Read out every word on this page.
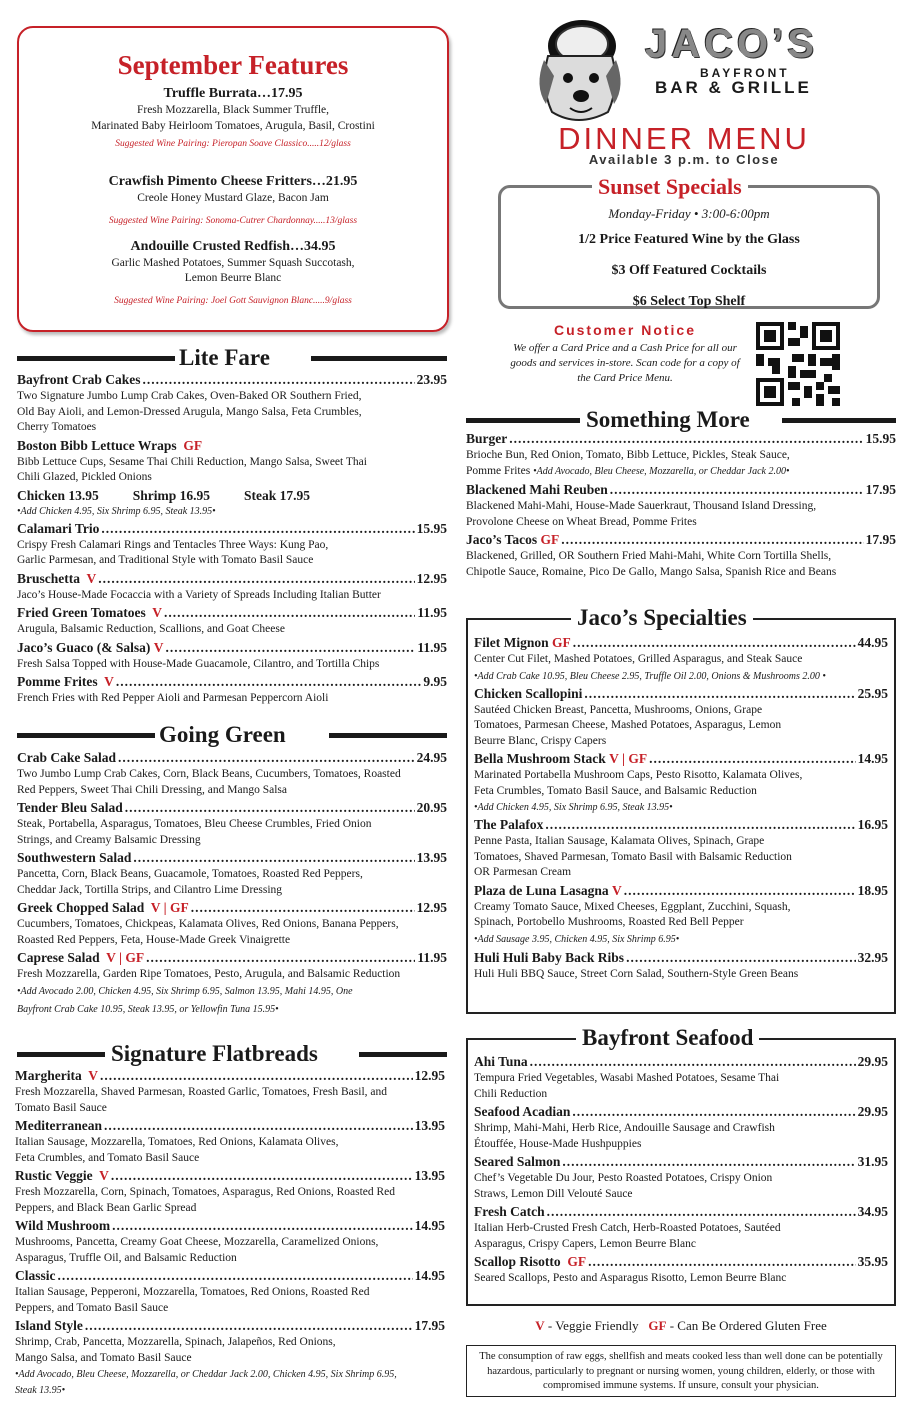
September Features

Truffle Burrata…17.95

Fresh Mozzarella, Black Summer Truffle,

Marinated Baby Heirloom Tomatoes, Arugula, Basil, Crostini

Suggested Wine Pairing: Pieropan Soave Classico.....12/glass

Crawfish Pimento Cheese Fritters…21.95

Creole Honey Mustard Glaze, Bacon Jam

Suggested Wine Pairing: Sonoma-Cutrer Chardonnay.....13/glass

Andouille Crusted Redfish…34.95

Garlic Mashed Potatoes, Summer Squash Succotash,

Lemon Beurre Blanc

Suggested Wine Pairing: Joel Gott Sauvignon Blanc.....9/glass

JACO’S
BAYFRONT
BAR & GRILLE
DINNER MENU
Available 3 p.m. to Close

Monday-Friday • 3:00-6:00pm

1/2 Price Featured Wine by the Glass

$3 Off Featured Cocktails

$6 Select Top Shelf

Sunset Specials
Customer Notice
We offer a Card Price and a Cash Price for all our goods and services in-store. Scan code for a copy of the Card Price Menu.
Lite Fare
Bayfront Crab Cakes .....	23.95
Two Signature Jumbo Lump Crab Cakes, Oven-Baked OR Southern Fried,
Old Bay Aioli, and Lemon-Dressed Arugula, Mango Salsa, Feta Crumbles,
Cherry Tomatoes
Boston Bibb Lettuce Wraps GF
Bibb Lettuce Cups, Sesame Thai Chili Reduction, Mango Salsa, Sweet Thai
Chili Glazed, Pickled Onions
Chicken 13.95	Shrimp 16.95	Steak 17.95
•Add Chicken 4.95, Six Shrimp 6.95, Steak 13.95•
Calamari Trio .....	15.95
Crispy Fresh Calamari Rings and Tentacles Three Ways: Kung Pao,
Garlic Parmesan, and Traditional Style with Tomato Basil Sauce
Bruschetta V .....	12.95
Jaco’s House-Made Focaccia with a Variety of Spreads Including Italian Butter
Fried Green Tomatoes V .....	11.95
Arugula, Balsamic Reduction, Scallions, and Goat Cheese
Jaco’s Guaco (& Salsa) V .....	11.95
Fresh Salsa Topped with House-Made Guacamole, Cilantro, and Tortilla Chips
Pomme Frites V .....	9.95
French Fries with Red Pepper Aioli and Parmesan Peppercorn Aioli
Going Green
Crab Cake Salad .....	24.95
Two Jumbo Lump Crab Cakes, Corn, Black Beans, Cucumbers, Tomatoes, Roasted
Red Peppers, Sweet Thai Chili Dressing, and Mango Salsa
Tender Bleu Salad .....	20.95
Steak, Portabella, Asparagus, Tomatoes, Bleu Cheese Crumbles, Fried Onion
Strings, and Creamy Balsamic Dressing
Southwestern Salad .....	13.95
Pancetta, Corn, Black Beans, Guacamole, Tomatoes, Roasted Red Peppers,
Cheddar Jack, Tortilla Strips, and Cilantro Lime Dressing
Greek Chopped Salad V | GF .....	12.95
Cucumbers, Tomatoes, Chickpeas, Kalamata Olives, Red Onions, Banana Peppers,
Roasted Red Peppers, Feta, House-Made Greek Vinaigrette
Caprese Salad V | GF .....	11.95
Fresh Mozzarella, Garden Ripe Tomatoes, Pesto, Arugula, and Balsamic Reduction
•Add Avocado 2.00, Chicken 4.95, Six Shrimp 6.95, Salmon 13.95, Mahi 14.95, One
Bayfront Crab Cake 10.95, Steak 13.95, or Yellowfin Tuna 15.95•
Signature Flatbreads
Margherita V .....	12.95
Fresh Mozzarella, Shaved Parmesan, Roasted Garlic, Tomatoes, Fresh Basil, and
Tomato Basil Sauce
Mediterranean .....	13.95
Italian Sausage, Mozzarella, Tomatoes, Red Onions, Kalamata Olives,
Feta Crumbles, and Tomato Basil Sauce
Rustic Veggie V .....	13.95
Fresh Mozzarella, Corn, Spinach, Tomatoes, Asparagus, Red Onions, Roasted Red
Peppers, and Black Bean Garlic Spread
Wild Mushroom .....	14.95
Mushrooms, Pancetta, Creamy Goat Cheese, Mozzarella, Caramelized Onions,
Asparagus, Truffle Oil, and Balsamic Reduction
Classic .....	14.95
Italian Sausage, Pepperoni, Mozzarella, Tomatoes, Red Onions, Roasted Red
Peppers, and Tomato Basil Sauce
Island Style .....	17.95
Shrimp, Crab, Pancetta, Mozzarella, Spinach, Jalapeños, Red Onions,
Mango Salsa, and Tomato Basil Sauce
•Add Avocado, Bleu Cheese, Mozzarella, or Cheddar Jack 2.00, Chicken 4.95, Six Shrimp 6.95,
Steak 13.95•
Something More
Burger .....	15.95
Brioche Bun, Red Onion, Tomato, Bibb Lettuce, Pickles, Steak Sauce,
Pomme Frites •Add Avocado, Bleu Cheese, Mozzarella, or Cheddar Jack 2.00•
Blackened Mahi Reuben .....	17.95
Blackened Mahi-Mahi, House-Made Sauerkraut, Thousand Island Dressing,
Provolone Cheese on Wheat Bread, Pomme Frites
Jaco’s Tacos GF .....	17.95
Blackened, Grilled, OR Southern Fried Mahi-Mahi, White Corn Tortilla Shells,
Chipotle Sauce, Romaine, Pico De Gallo, Mango Salsa, Spanish Rice and Beans
Jaco’s Specialties
Filet Mignon GF .....	44.95
Center Cut Filet, Mashed Potatoes, Grilled Asparagus, and Steak Sauce
•Add Crab Cake 10.95, Bleu Cheese 2.95, Truffle Oil 2.00, Onions & Mushrooms 2.00 •
Chicken Scallopini .....	25.95
Sautéed Chicken Breast, Pancetta, Mushrooms, Onions, Grape
Tomatoes, Parmesan Cheese, Mashed Potatoes, Asparagus, Lemon
Beurre Blanc, Crispy Capers
Bella Mushroom Stack V | GF .....	14.95
Marinated Portabella Mushroom Caps, Pesto Risotto, Kalamata Olives,
Feta Crumbles, Tomato Basil Sauce, and Balsamic Reduction
•Add Chicken 4.95, Six Shrimp 6.95, Steak 13.95•
The Palafox .....	16.95
Penne Pasta, Italian Sausage, Kalamata Olives, Spinach, Grape
Tomatoes, Shaved Parmesan, Tomato Basil with Balsamic Reduction
OR Parmesan Cream
Plaza de Luna Lasagna V .....	18.95
Creamy Tomato Sauce, Mixed Cheeses, Eggplant, Zucchini, Squash,
Spinach, Portobello Mushrooms, Roasted Red Bell Pepper
•Add Sausage 3.95, Chicken 4.95, Six Shrimp 6.95•
Huli Huli Baby Back Ribs .....	32.95
Huli Huli BBQ Sauce, Street Corn Salad, Southern-Style Green Beans
Bayfront Seafood
Ahi Tuna .....	29.95
Tempura Fried Vegetables, Wasabi Mashed Potatoes, Sesame Thai
Chili Reduction
Seafood Acadian .....	29.95
Shrimp, Mahi-Mahi, Herb Rice, Andouille Sausage and Crawfish
Étouffée, House-Made Hushpuppies
Seared Salmon .....	31.95
Chef’s Vegetable Du Jour, Pesto Roasted Potatoes, Crispy Onion
Straws, Lemon Dill Velouté Sauce
Fresh Catch .....	34.95
Italian Herb-Crusted Fresh Catch, Herb-Roasted Potatoes, Sautéed
Asparagus, Crispy Capers, Lemon Beurre Blanc
Scallop Risotto GF .....	35.95
Seared Scallops, Pesto and Asparagus Risotto, Lemon Beurre Blanc
V - Veggie Friendly GF - Can Be Ordered Gluten Free
The consumption of raw eggs, shellfish and meats cooked less than well done can be potentially hazardous, particularly to pregnant or nursing women, young children, elderly, or those with compromised immune systems. If unsure, consult your physician.
